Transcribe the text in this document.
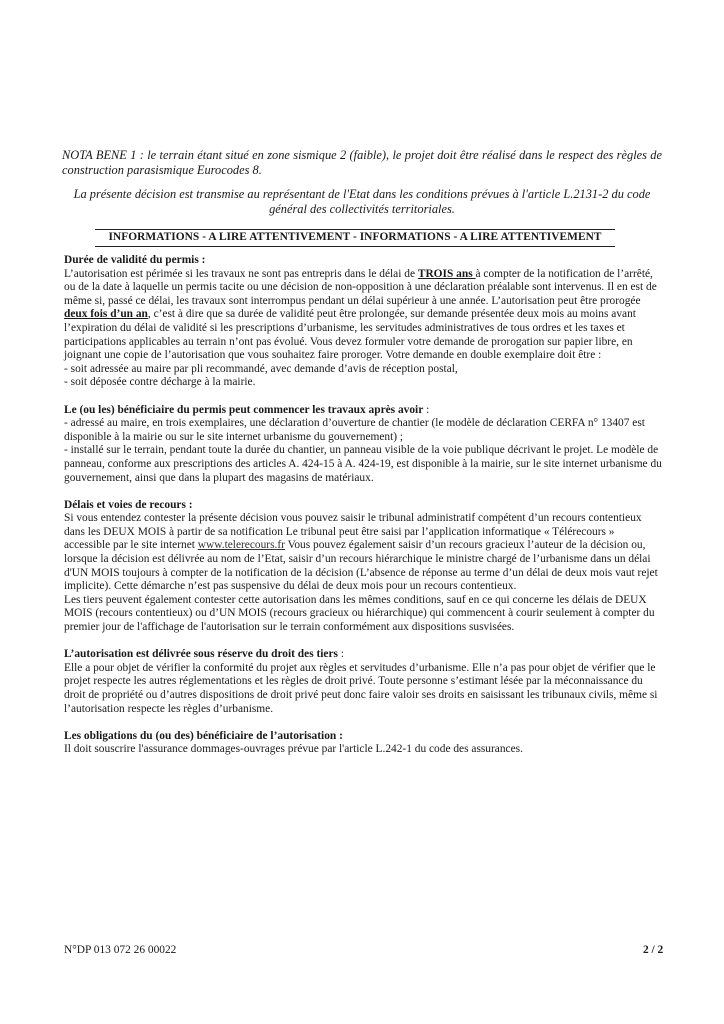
NOTA BENE 1 : le terrain étant situé en zone sismique 2 (faible), le projet doit être réalisé dans le respect des règles de construction parasismique Eurocodes 8.
La présente décision est transmise au représentant de l'Etat dans les conditions prévues à l'article L.2131-2 du code général des collectivités territoriales.
INFORMATIONS - A LIRE ATTENTIVEMENT - INFORMATIONS - A LIRE ATTENTIVEMENT

Durée de validité du permis :

L’autorisation est périmée si les travaux ne sont pas entrepris dans le délai de TROIS ans à compter de la notification de l’arrêté, ou de la date à laquelle un permis tacite ou une décision de non-opposition à une déclaration préalable sont intervenus. Il en est de même si, passé ce délai, les travaux sont interrompus pendant un délai supérieur à une année. L’autorisation peut être prorogée deux fois d’un an, c’est à dire que sa durée de validité peut être prolongée, sur demande présentée deux mois au moins avant l’expiration du délai de validité si les prescriptions d’urbanisme, les servitudes administratives de tous ordres et les taxes et participations applicables au terrain n’ont pas évolué. Vous devez formuler votre demande de prorogation sur papier libre, en joignant une copie de l’autorisation que vous souhaitez faire proroger. Votre demande en double exemplaire doit être :

- soit adressée au maire par pli recommandé, avec demande d’avis de réception postal,

- soit déposée contre décharge à la mairie.

Le (ou les) bénéficiaire du permis peut commencer les travaux après avoir :

- adressé au maire, en trois exemplaires, une déclaration d’ouverture de chantier (le modèle de déclaration CERFA n° 13407 est disponible à la mairie ou sur le site internet urbanisme du gouvernement) ;

- installé sur le terrain, pendant toute la durée du chantier, un panneau visible de la voie publique décrivant le projet. Le modèle de panneau, conforme aux prescriptions des articles A. 424-15 à A. 424-19, est disponible à la mairie, sur le site internet urbanisme du gouvernement, ainsi que dans la plupart des magasins de matériaux.

Délais et voies de recours :

Si vous entendez contester la présente décision vous pouvez saisir le tribunal administratif compétent d’un recours contentieux dans les DEUX MOIS à partir de sa notification Le tribunal peut être saisi par l’application informatique « Télérecours » accessible par le site internet www.telerecours.fr Vous pouvez également saisir d’un recours gracieux l’auteur de la décision ou, lorsque la décision est délivrée au nom de l’Etat, saisir d’un recours hiérarchique le ministre chargé de l’urbanisme dans un délai d'UN MOIS toujours à compter de la notification de la décision (L’absence de réponse au terme d’un délai de deux mois vaut rejet implicite). Cette démarche n’est pas suspensive du délai de deux mois pour un recours contentieux.

Les tiers peuvent également contester cette autorisation dans les mêmes conditions, sauf en ce qui concerne les délais de DEUX MOIS (recours contentieux) ou d’UN MOIS (recours gracieux ou hiérarchique) qui commencent à courir seulement à compter du premier jour de l'affichage de l'autorisation sur le terrain conformément aux dispositions susvisées.

L’autorisation est délivrée sous réserve du droit des tiers :

Elle a pour objet de vérifier la conformité du projet aux règles et servitudes d’urbanisme. Elle n’a pas pour objet de vérifier que le projet respecte les autres réglementations et les règles de droit privé. Toute personne s’estimant lésée par la méconnaissance du droit de propriété ou d’autres dispositions de droit privé peut donc faire valoir ses droits en saisissant les tribunaux civils, même si l’autorisation respecte les règles d’urbanisme.

Les obligations du (ou des) bénéficiaire de l’autorisation :

Il doit souscrire l'assurance dommages-ouvrages prévue par l'article L.242-1 du code des assurances.

N°DP 013 072 26 00022	2 / 2
